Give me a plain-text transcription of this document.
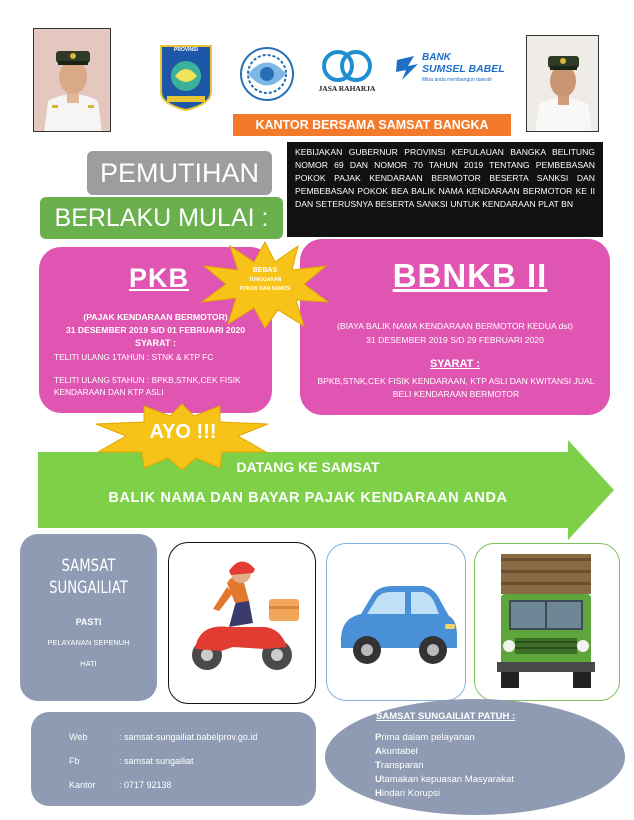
PROVINSI
JASA RAHARJA
BANK
SUMSEL BABEL
Mitra anda membangun daerah
KANTOR BERSAMA SAMSAT BANGKA
PEMUTIHAN
BERLAKU MULAI :
KEBIJAKAN GUBERNUR PROVINSI KEPULAUAN BANGKA BELITUNG NOMOR 69 DAN NOMOR 70 TAHUN 2019 TENTANG PEMBEBASAN POKOK PAJAK KENDARAAN BERMOTOR BESERTA SANKSI DAN PEMBEBASAN POKOK BEA BALIK NAMA KENDARAAN BERMOTOR KE II DAN SETERUSNYA BESERTA SANKSI UNTUK KENDARAAN PLAT BN
PKB
(PAJAK KENDARAAN BERMOTOR)
31 DESEMBER 2019 S/D 01 FEBRUARI 2020
SYARAT :
TELITI ULANG 1TAHUN : STNK & KTP FC
TELITI ULANG 5TAHUN : BPKB,STNK,CEK FISIK KENDARAAN DAN KTP ASLI
BBNKB II
(BIAYA BALIK NAMA KENDARAAN BERMOTOR KEDUA dst)
31 DESEMBER 2019 S/D 29 FEBRUARI 2020
SYARAT :
BPKB,STNK,CEK FISIK KENDARAAN, KTP ASLI DAN KWITANSI JUAL BELI KENDARAAN BERMOTOR
BEBAS
TUNGGAKAN
POKOK DAN SANKSI
AYO !!!
DATANG KE SAMSAT
BALIK NAMA DAN BAYAR PAJAK KENDARAAN ANDA
SAMSAT
SUNGAILIAT
PASTI
PELAYANAN SEPENUH
HATI
Web	: samsat-sungailiat.babelprov.go.id
Fb	: samsat sungailiat
Kantor	: 0717 92138
SAMSAT SUNGAILIAT PATUH :
Prima dalam pelayanan
Akuntabel
Transparan
Utamakan kepuasan Masyarakat
Hindari Korupsi
